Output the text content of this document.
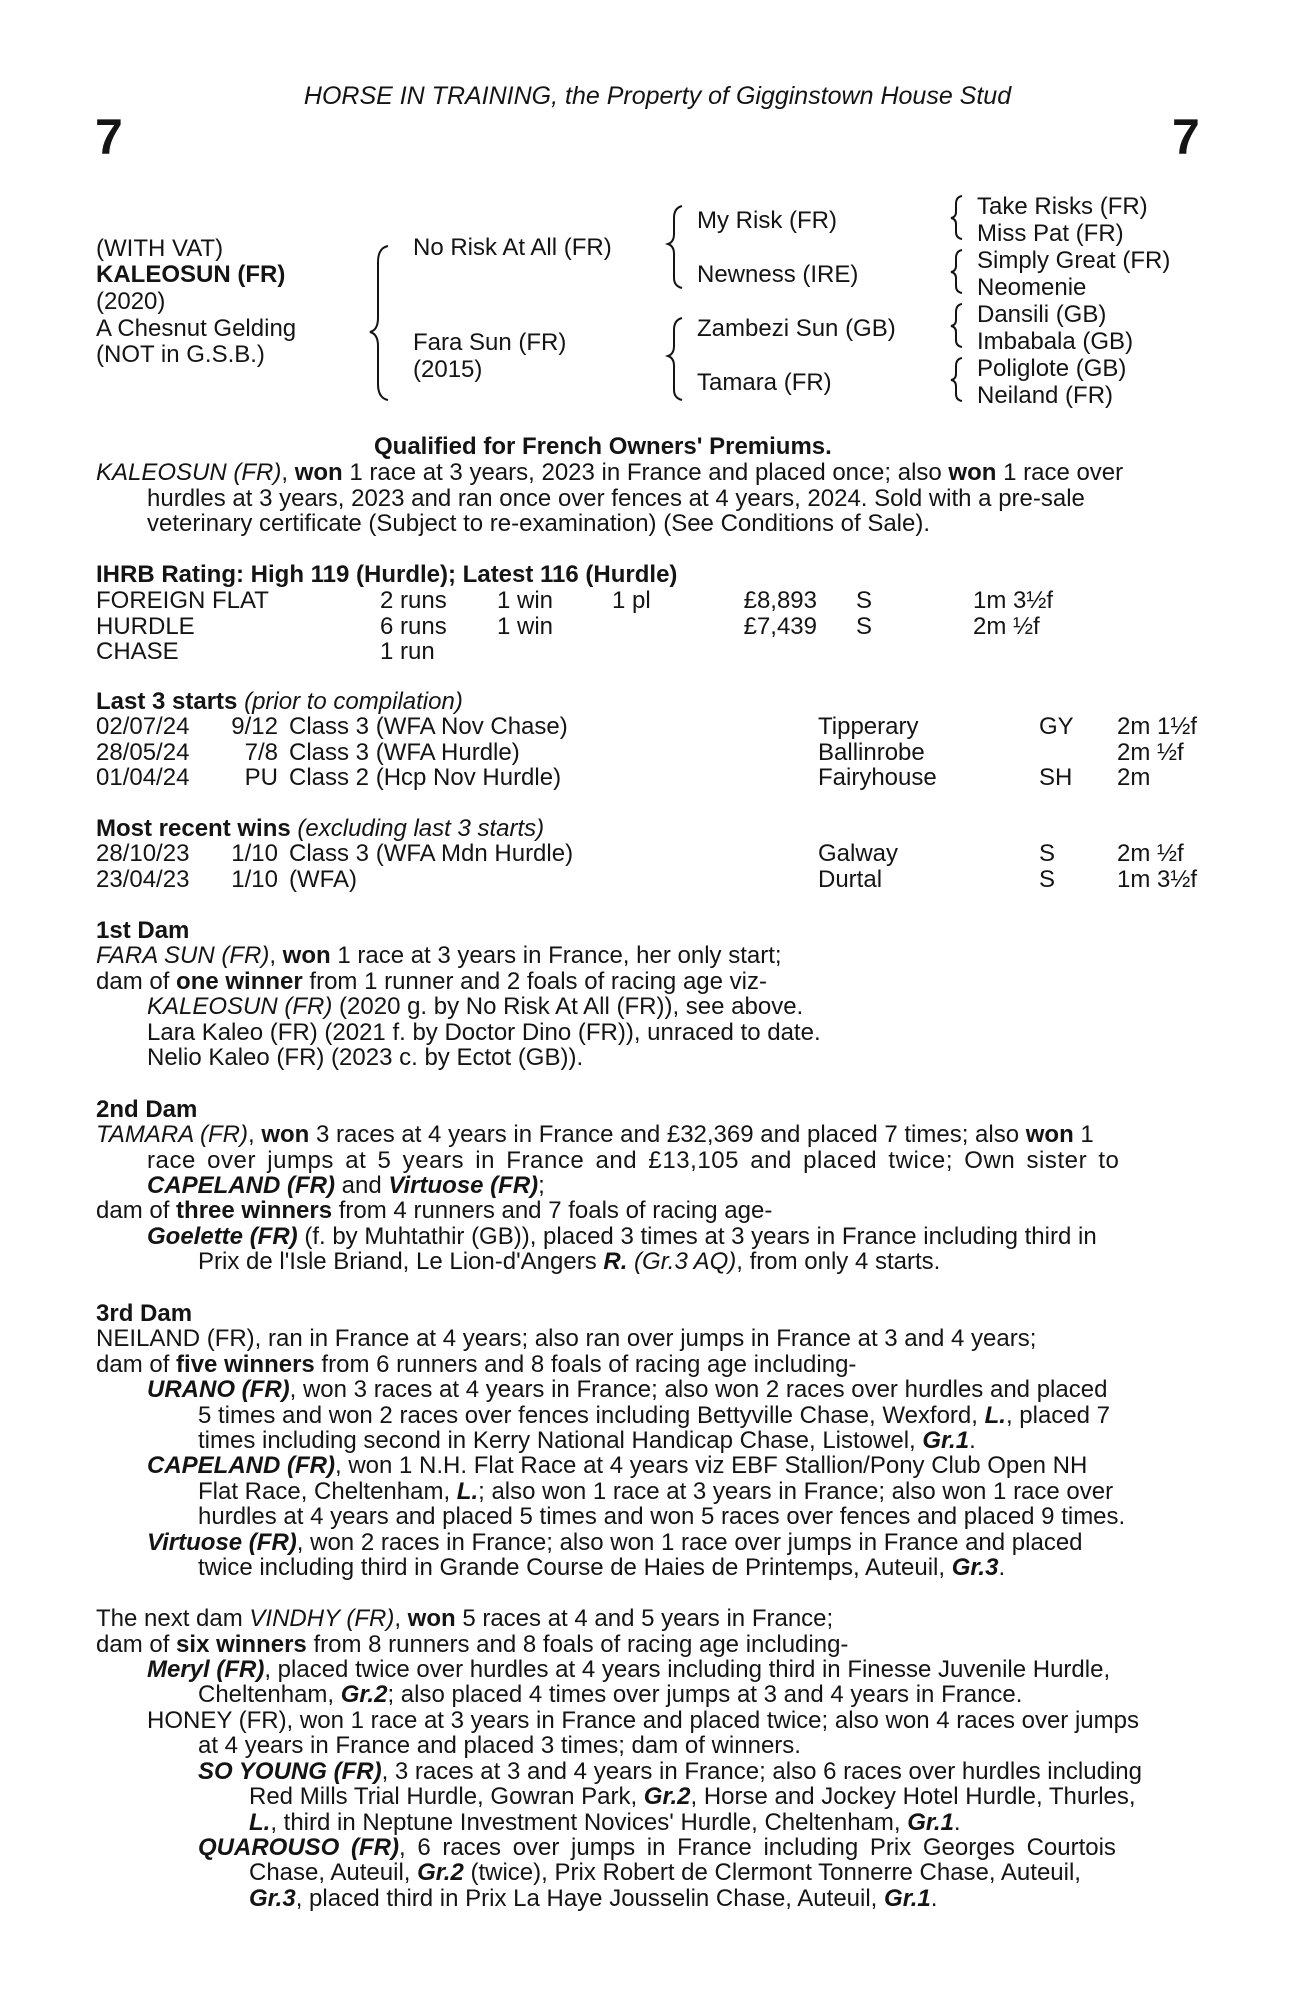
HORSE IN TRAINING, the Property of Gigginstown House Stud
7	7
(WITH VAT)
KALEOSUN (FR)
(2020)
A Chesnut Gelding
(NOT in G.S.B.)
No Risk At All (FR)
Fara Sun (FR)
(2015)
My Risk (FR)
Newness (IRE)
Zambezi Sun (GB)
Tamara (FR)
Take Risks (FR)
Miss Pat (FR)
Simply Great (FR)
Neomenie
Dansili (GB)
Imbabala (GB)
Poliglote (GB)
Neiland (FR)
Qualified for French Owners' Premiums.
KALEOSUN (FR), won 1 race at 3 years, 2023 in France and placed once; also won 1 race over
hurdles at 3 years, 2023 and ran once over fences at 4 years, 2024. Sold with a pre-sale
veterinary certificate (Subject to re-examination) (See Conditions of Sale).
IHRB Rating: High 119 (Hurdle); Latest 116 (Hurdle)
FOREIGN FLAT	2 runs 1 win 1 pl	£8,893 S	1m 3½f
HURDLE	6 runs 1 win	£7,439 S	2m ½f
CHASE	1 run
Last 3 starts (prior to compilation)
02/07/24	9/12 Class 3 (WFA Nov Chase)	Tipperary	GY 2m 1½f
28/05/24	7/8 Class 3 (WFA Hurdle)	Ballinrobe	2m ½f
01/04/24	PU Class 2 (Hcp Nov Hurdle)	Fairyhouse	SH 2m
Most recent wins (excluding last 3 starts)
28/10/23	1/10 Class 3 (WFA Mdn Hurdle)	Galway	S	2m ½f
23/04/23	1/10 (WFA)	Durtal	S	1m 3½f
1st Dam
FARA SUN (FR), won 1 race at 3 years in France, her only start;
dam of one winner from 1 runner and 2 foals of racing age viz-
KALEOSUN (FR) (2020 g. by No Risk At All (FR)), see above.
Lara Kaleo (FR) (2021 f. by Doctor Dino (FR)), unraced to date.
Nelio Kaleo (FR) (2023 c. by Ectot (GB)).
2nd Dam
TAMARA (FR), won 3 races at 4 years in France and £32,369 and placed 7 times; also won 1
race over jumps at 5 years in France and £13,105 and placed twice; Own sister to
CAPELAND (FR) and Virtuose (FR);
dam of three winners from 4 runners and 7 foals of racing age-
Goelette (FR) (f. by Muhtathir (GB)), placed 3 times at 3 years in France including third in
Prix de l'Isle Briand, Le Lion-d'Angers R. (Gr.3 AQ), from only 4 starts.
3rd Dam
NEILAND (FR), ran in France at 4 years; also ran over jumps in France at 3 and 4 years;
dam of five winners from 6 runners and 8 foals of racing age including-
URANO (FR), won 3 races at 4 years in France; also won 2 races over hurdles and placed
5 times and won 2 races over fences including Bettyville Chase, Wexford, L., placed 7
times including second in Kerry National Handicap Chase, Listowel, Gr.1.
CAPELAND (FR), won 1 N.H. Flat Race at 4 years viz EBF Stallion/Pony Club Open NH
Flat Race, Cheltenham, L.; also won 1 race at 3 years in France; also won 1 race over
hurdles at 4 years and placed 5 times and won 5 races over fences and placed 9 times.
Virtuose (FR), won 2 races in France; also won 1 race over jumps in France and placed
twice including third in Grande Course de Haies de Printemps, Auteuil, Gr.3.
The next dam VINDHY (FR), won 5 races at 4 and 5 years in France;
dam of six winners from 8 runners and 8 foals of racing age including-
Meryl (FR), placed twice over hurdles at 4 years including third in Finesse Juvenile Hurdle,
Cheltenham, Gr.2; also placed 4 times over jumps at 3 and 4 years in France.
HONEY (FR), won 1 race at 3 years in France and placed twice; also won 4 races over jumps
at 4 years in France and placed 3 times; dam of winners.
SO YOUNG (FR), 3 races at 3 and 4 years in France; also 6 races over hurdles including
Red Mills Trial Hurdle, Gowran Park, Gr.2, Horse and Jockey Hotel Hurdle, Thurles,
L., third in Neptune Investment Novices' Hurdle, Cheltenham, Gr.1.
QUAROUSO (FR), 6 races over jumps in France including Prix Georges Courtois
Chase, Auteuil, Gr.2 (twice), Prix Robert de Clermont Tonnerre Chase, Auteuil,
Gr.3, placed third in Prix La Haye Jousselin Chase, Auteuil, Gr.1.
